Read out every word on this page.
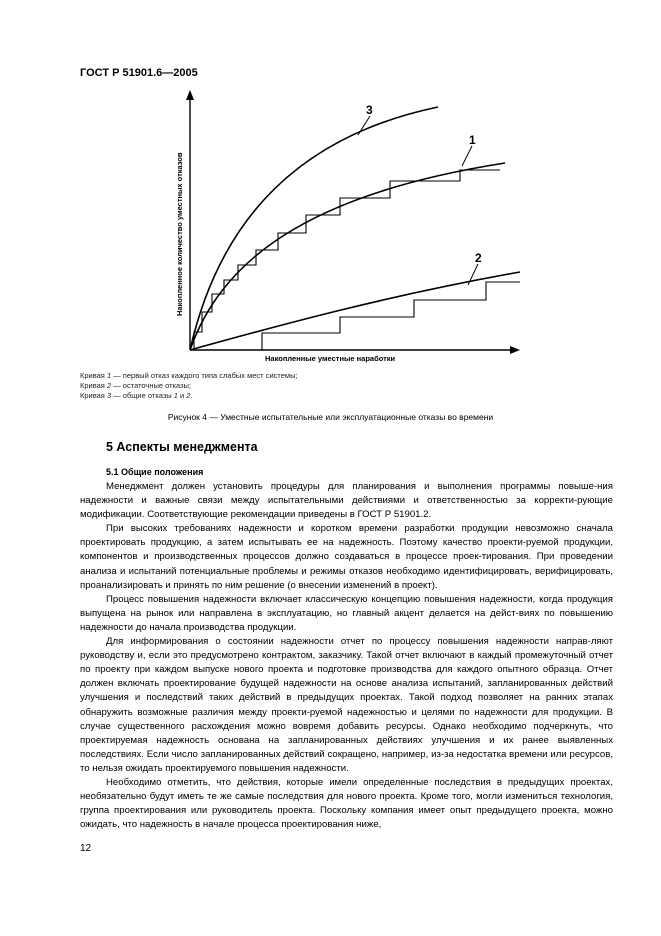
ГОСТ Р 51901.6—2005
3
1
2
Накопленное количество уместных отказов
Накопленные уместные наработки
Кривая 1 — первый отказ каждого типа слабых мест системы;
Кривая 2 — остаточные отказы;
Кривая 3 — общие отказы 1 и 2.
Рисунок 4 — Уместные испытательные или эксплуатационные отказы во времени
5 Аспекты менеджмента
5.1 Общие положения

Менеджмент должен установить процедуры для планирования и выполнения программы повыше-ния надежности и важные связи между испытательными действиями и ответственностью за корректи-рующие модификации. Соответствующие рекомендации приведены в ГОСТ Р 51901.2.

При высоких требованиях надежности и коротком времени разработки продукции невозможно сначала проектировать продукцию, а затем испытывать ее на надежность. Поэтому качество проекти-руемой продукции, компонентов и производственных процессов должно создаваться в процессе проек-тирования. При проведении анализа и испытаний потенциальные проблемы и режимы отказов необходимо идентифицировать, верифицировать, проанализировать и принять по ним решение (о внесении изменений в проект).

Процесс повышения надежности включает классическую концепцию повышения надежности, когда продукция выпущена на рынок или направлена в эксплуатацию, но главный акцент делается на дейст-виях по повышению надежности до начала производства продукции.

Для информирования о состоянии надежности отчет по процессу повышения надежности направ-ляют руководству и, если это предусмотрено контрактом, заказчику. Такой отчет включают в каждый промежуточный отчет по проекту при каждом выпуске нового проекта и подготовке производства для каждого опытного образца. Отчет должен включать проектирование будущей надежности на основе анализа испытаний, запланированных действий улучшения и последствий таких действий в предыдущих проектах. Такой подход позволяет на ранних этапах обнаружить возможные различия между проекти-руемой надежностью и целями по надежности для продукции. В случае существенного расхождения можно вовремя добавить ресурсы. Однако необходимо подчеркнуть, что проектируемая надежность основана на запланированных действиях улучшения и их ранее выявленных последствиях. Если число запланированных действий сокращено, например, из-за недостатка времени или ресурсов, то нельзя ожидать проектируемого повышения надежности.

Необходимо отметить, что действия, которые имели определенные последствия в предыдущих проектах, необязательно будут иметь те же самые последствия для нового проекта. Кроме того, могли измениться технология, группа проектирования или руководитель проекта. Поскольку компания имеет опыт предыдущего проекта, можно ожидать, что надежность в начале процесса проектирования ниже,

12
